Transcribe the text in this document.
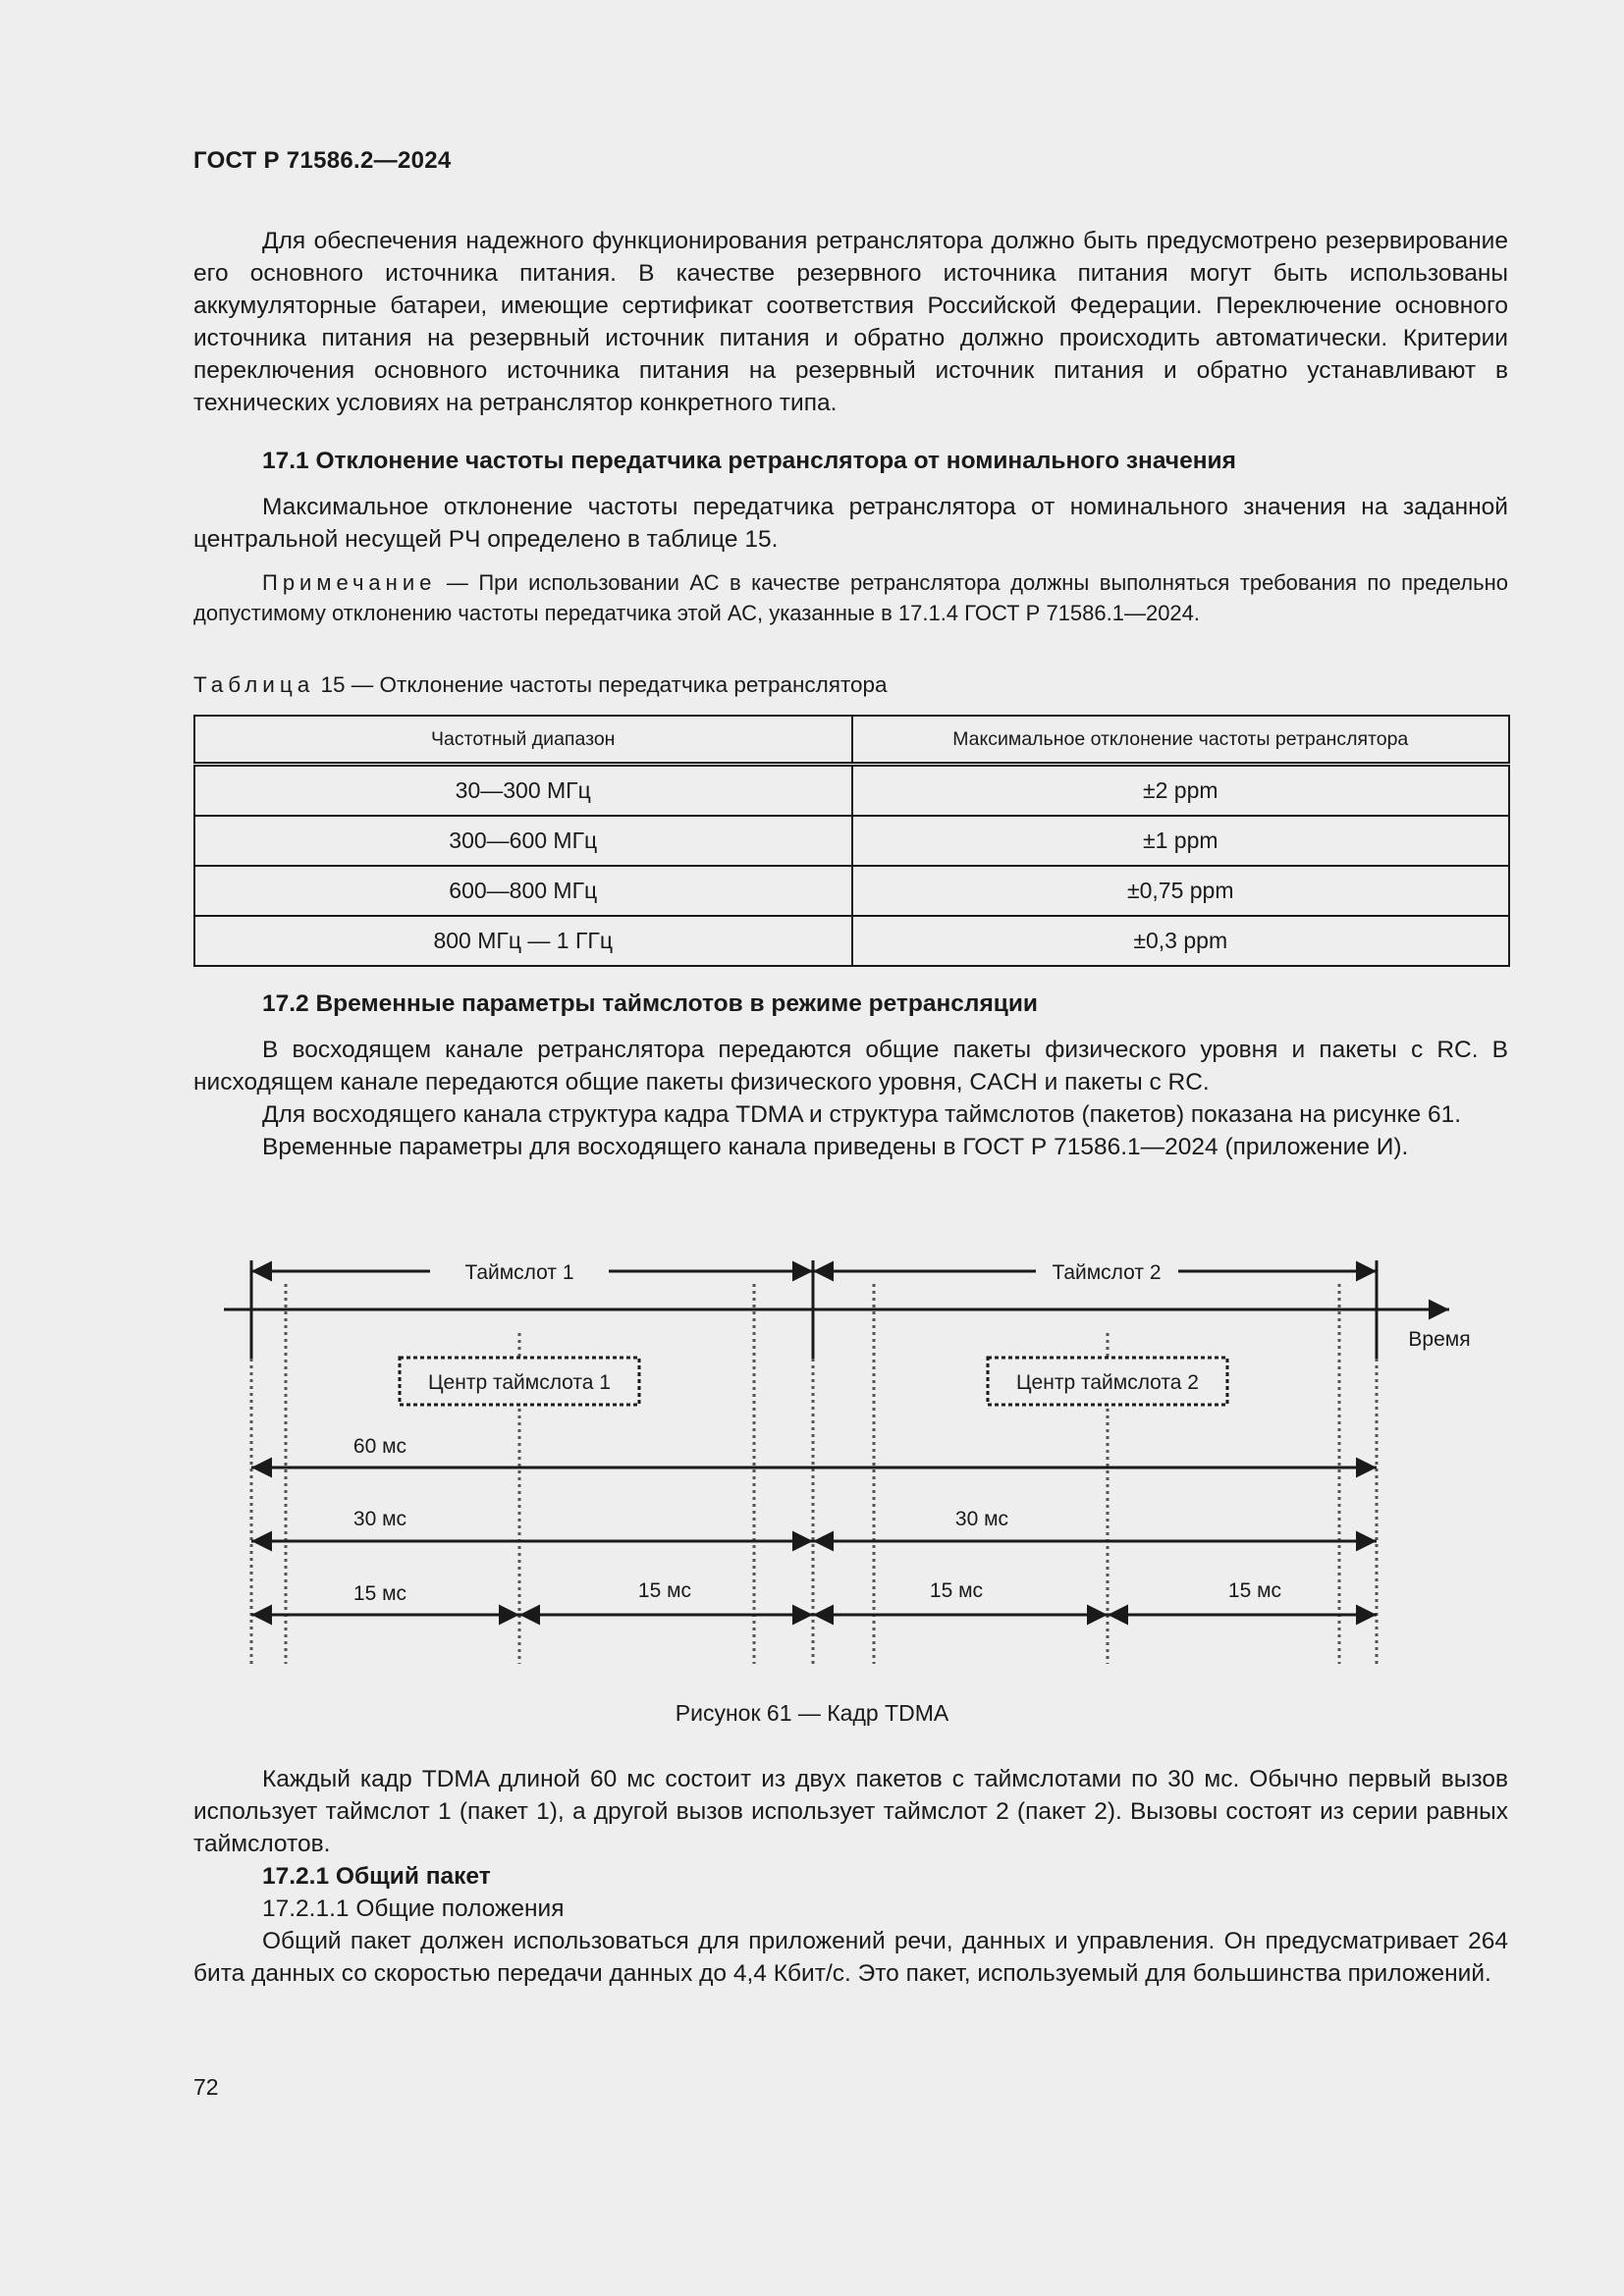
ГОСТ Р 71586.2—2024

Для обеспечения надежного функционирования ретранслятора должно быть предусмотрено резервирование его основного источника питания. В качестве резервного источника питания могут быть использованы аккумуляторные батареи, имеющие сертификат соответствия Российской Федерации. Переключение основного источника питания на резервный источник питания и обратно должно происходить автоматически. Критерии переключения основного источника питания на резервный источник питания и обратно устанавливают в технических условиях на ретранслятор конкретного типа.

17.1 Отклонение частоты передатчика ретранслятора от номинального значения

Максимальное отклонение частоты передатчика ретранслятора от номинального значения на заданной центральной несущей РЧ определено в таблице 15.

Примечание — При использовании АС в качестве ретранслятора должны выполняться требования по предельно допустимому отклонению частоты передатчика этой АС, указанные в 17.1.4 ГОСТ Р 71586.1—2024.

Таблица 15 — Отклонение частоты передатчика ретранслятора
Частотный диапазон	Максимальное отклонение частоты ретранслятора
30—300 МГц	±2 ppm
300—600 МГц	±1 ppm
600—800 МГц	±0,75 ppm
800 МГц — 1 ГГц	±0,3 ppm
17.2 Временные параметры таймслотов в режиме ретрансляции

В восходящем канале ретранслятора передаются общие пакеты физического уровня и пакеты с RC. В нисходящем канале передаются общие пакеты физического уровня, CACH и пакеты с RC.

Для восходящего канала структура кадра TDMA и структура таймслотов (пакетов) показана на рисунке 61.

Временные параметры для восходящего канала приведены в ГОСТ Р 71586.1—2024 (приложение И).

Таймслот 1	Таймслот 2
Время
Центр таймслота 1	Центр таймслота 2
60 мс
30 мс	30 мс
15 мс	15 мс	15 мс	15 мс
Рисунок 61 — Кадр TDMA

Каждый кадр TDMA длиной 60 мс состоит из двух пакетов с таймслотами по 30 мс. Обычно первый вызов использует таймслот 1 (пакет 1), а другой вызов использует таймслот 2 (пакет 2). Вызовы состоят из серии равных таймслотов.

17.2.1 Общий пакет
17.2.1.1 Общие положения

Общий пакет должен использоваться для приложений речи, данных и управления. Он предусматривает 264 бита данных со скоростью передачи данных до 4,4 Кбит/с. Это пакет, используемый для большинства приложений.

72
